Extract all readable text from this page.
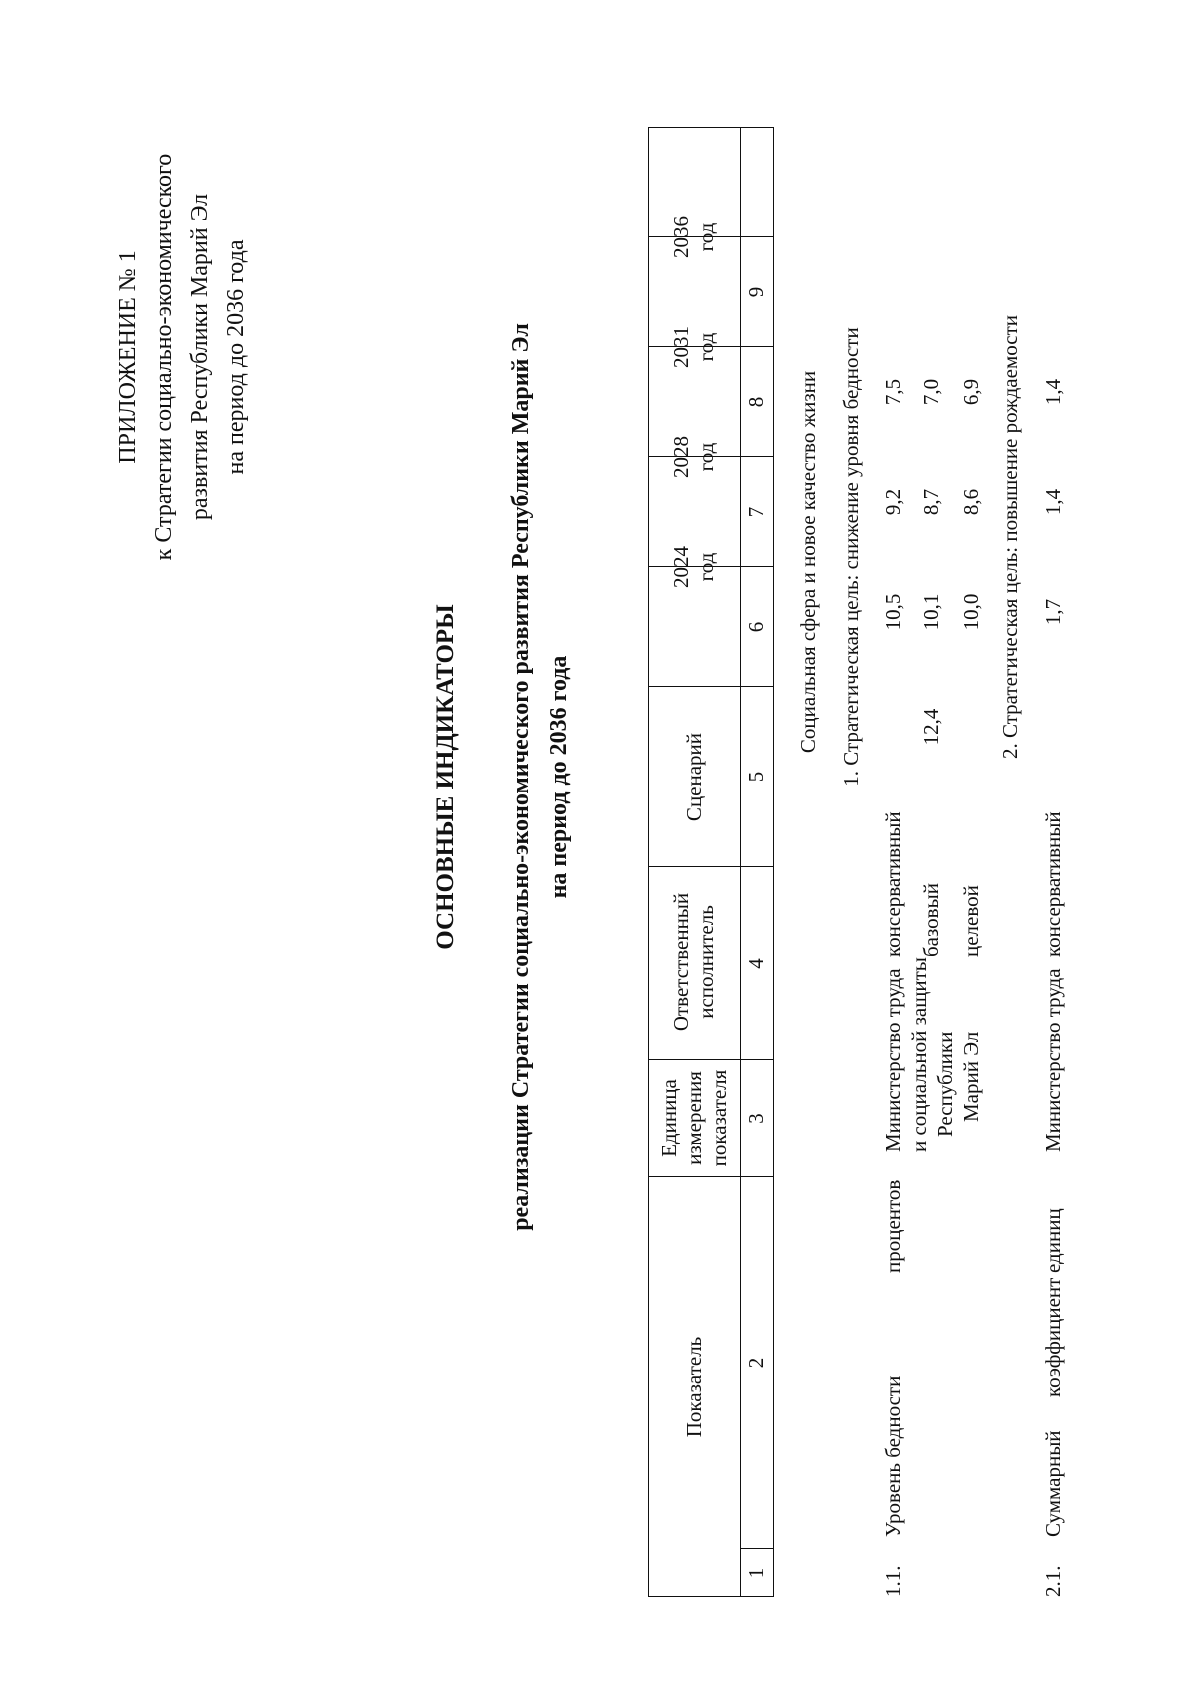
ПРИЛОЖЕНИЕ № 1 к Стратегии социально-экономического развития Республики Марий Эл на период до 2036 года
ОСНОВНЫЕ ИНДИКАТОРЫ	реализации Стратегии социально-экономического развития Республики Марий Эл на период до 2036 года
Показатель
Единица измерения показателя
Ответственный исполнитель
Сценарий
2024 год
2028 год
2031 год
2036 год
1
2
3
4
5
6
7
8
9
Социальная сфера и новое качество жизни 1. Стратегическая цель: снижение уровня бедности	2. Стратегическая цель: повышение рождаемости
1.1.
Уровень бедности
процентов
Министерство труда и социальной защиты Республики Марий Эл
консервативный базовый целевой
12,4
10,5
9,2
7,5
10,1
8,7
7,0
10,0
8,6
6,9
2.1.
Суммарный
коэффициент
единиц
Министерство труда
консервативный
1,7
1,4
1,4
